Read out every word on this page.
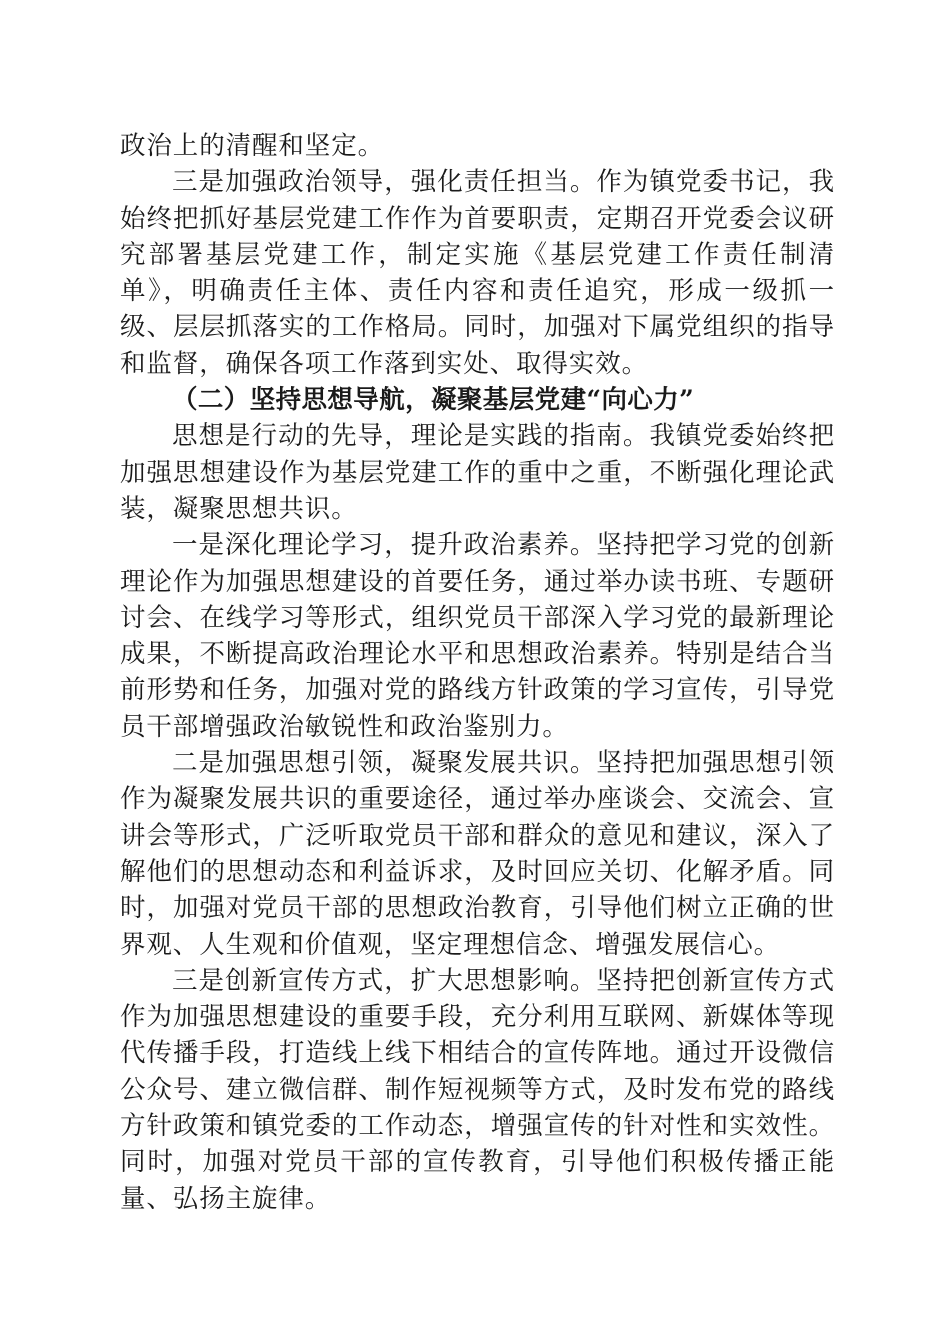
政治上的清醒和坚定。

三是加强政治领导，强化责任担当。作为镇党委书记，我始终把抓好基层党建工作作为首要职责，定期召开党委会议研究部署基层党建工作，制定实施《基层党建工作责任制清单》，明确责任主体、责任内容和责任追究，形成一级抓一级、层层抓落实的工作格局。同时，加强对下属党组织的指导和监督，确保各项工作落到实处、取得实效。

（二）坚持思想导航，凝聚基层党建“向心力”

思想是行动的先导，理论是实践的指南。我镇党委始终把加强思想建设作为基层党建工作的重中之重，不断强化理论武装，凝聚思想共识。

一是深化理论学习，提升政治素养。坚持把学习党的创新理论作为加强思想建设的首要任务，通过举办读书班、专题研讨会、在线学习等形式，组织党员干部深入学习党的最新理论成果，不断提高政治理论水平和思想政治素养。特别是结合当前形势和任务，加强对党的路线方针政策的学习宣传，引导党员干部增强政治敏锐性和政治鉴别力。

二是加强思想引领，凝聚发展共识。坚持把加强思想引领作为凝聚发展共识的重要途径，通过举办座谈会、交流会、宣讲会等形式，广泛听取党员干部和群众的意见和建议，深入了解他们的思想动态和利益诉求，及时回应关切、化解矛盾。同时，加强对党员干部的思想政治教育，引导他们树立正确的世界观、人生观和价值观，坚定理想信念、增强发展信心。

三是创新宣传方式，扩大思想影响。坚持把创新宣传方式作为加强思想建设的重要手段，充分利用互联网、新媒体等现代传播手段，打造线上线下相结合的宣传阵地。通过开设微信公众号、建立微信群、制作短视频等方式，及时发布党的路线方针政策和镇党委的工作动态，增强宣传的针对性和实效性。同时，加强对党员干部的宣传教育，引导他们积极传播正能量、弘扬主旋律。
